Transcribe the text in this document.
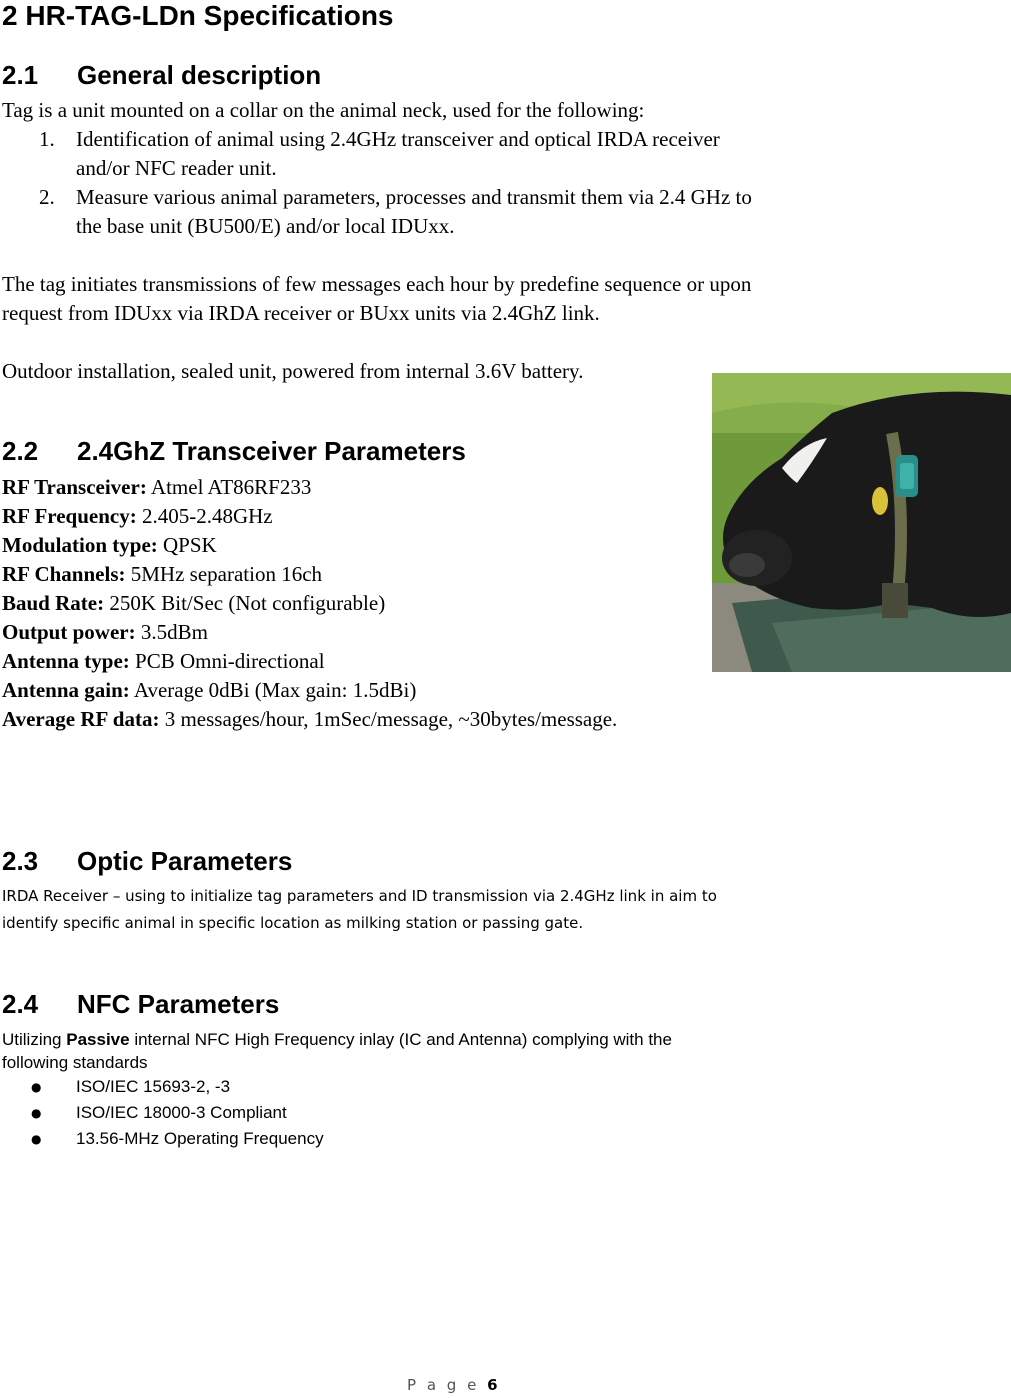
2 HR-TAG-LDn Specifications
2.1 General description
Tag is a unit mounted on a collar on the animal neck, used for the following:
1. Identification of animal using 2.4GHz transceiver and optical IRDA receiver
and/or NFC reader unit.
2. Measure various animal parameters, processes and transmit them via 2.4 GHz to
the base unit (BU500/E) and/or local IDUxx.
The tag initiates transmissions of few messages each hour by predefine sequence or upon
request from IDUxx via IRDA receiver or BUxx units via 2.4GhZ link.
Outdoor installation, sealed unit, powered from internal 3.6V battery.
2.2 2.4GhZ Transceiver Parameters
RF Transceiver: Atmel AT86RF233
RF Frequency: 2.405-2.48GHz
Modulation type: QPSK
RF Channels: 5MHz separation 16ch
Baud Rate: 250K Bit/Sec (Not configurable)
Output power: 3.5dBm
Antenna type: PCB Omni-directional
Antenna gain: Average 0dBi (Max gain: 1.5dBi)
Average RF data: 3 messages/hour, 1mSec/message, ~30bytes/message.
2.3 Optic Parameters
IRDA Receiver – using to initialize tag parameters and ID transmission via 2.4GHz link in aim to
identify specific animal in specific location as milking station or passing gate.
2.4 NFC Parameters
Utilizing Passive internal NFC High Frequency inlay (IC and Antenna) complying with the
following standards
● ISO/IEC 15693-2, -3
● ISO/IEC 18000-3 Compliant
● 13.56-MHz Operating Frequency
P a g e 6
